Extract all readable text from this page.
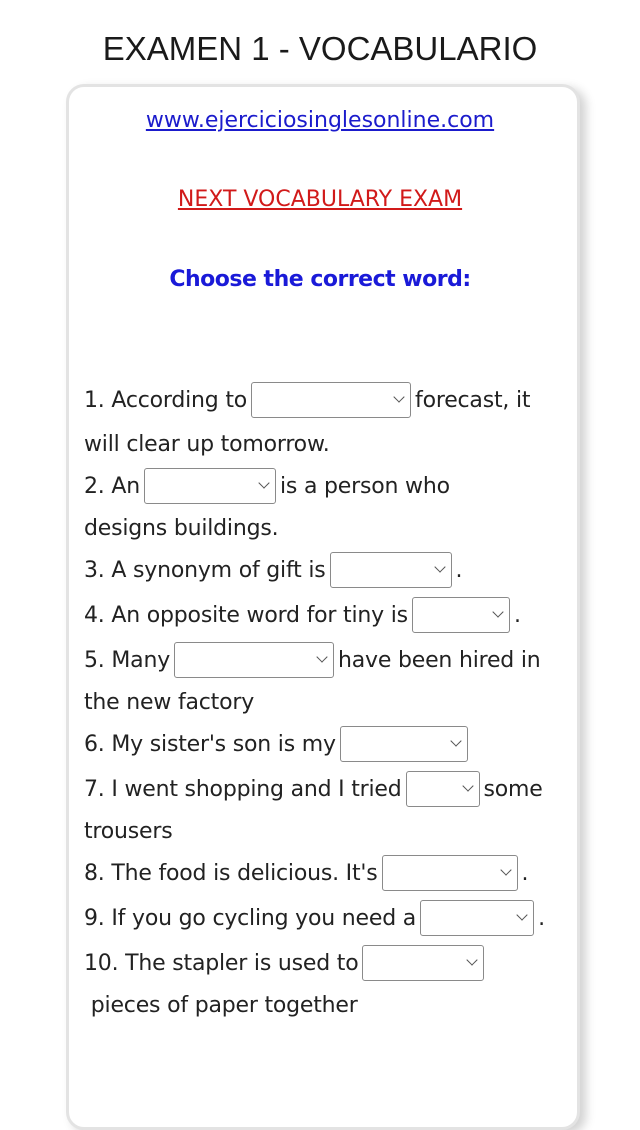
EXAMEN 1 - VOCABULARIO
www.ejerciciosinglesonline.com
NEXT VOCABULARY EXAM
Choose the correct word:
1. According to	forecast, it
will clear up tomorrow.
2. An	is a person who
designs buildings.
3. A synonym of gift is	.
4. An opposite word for tiny is	.
5. Many	have been hired in
the new factory
6. My sister's son is my
7. I went shopping and I tried	some
trousers
8. The food is delicious. It's	.
9. If you go cycling you need a	.
10. The stapler is used to
pieces of paper together
